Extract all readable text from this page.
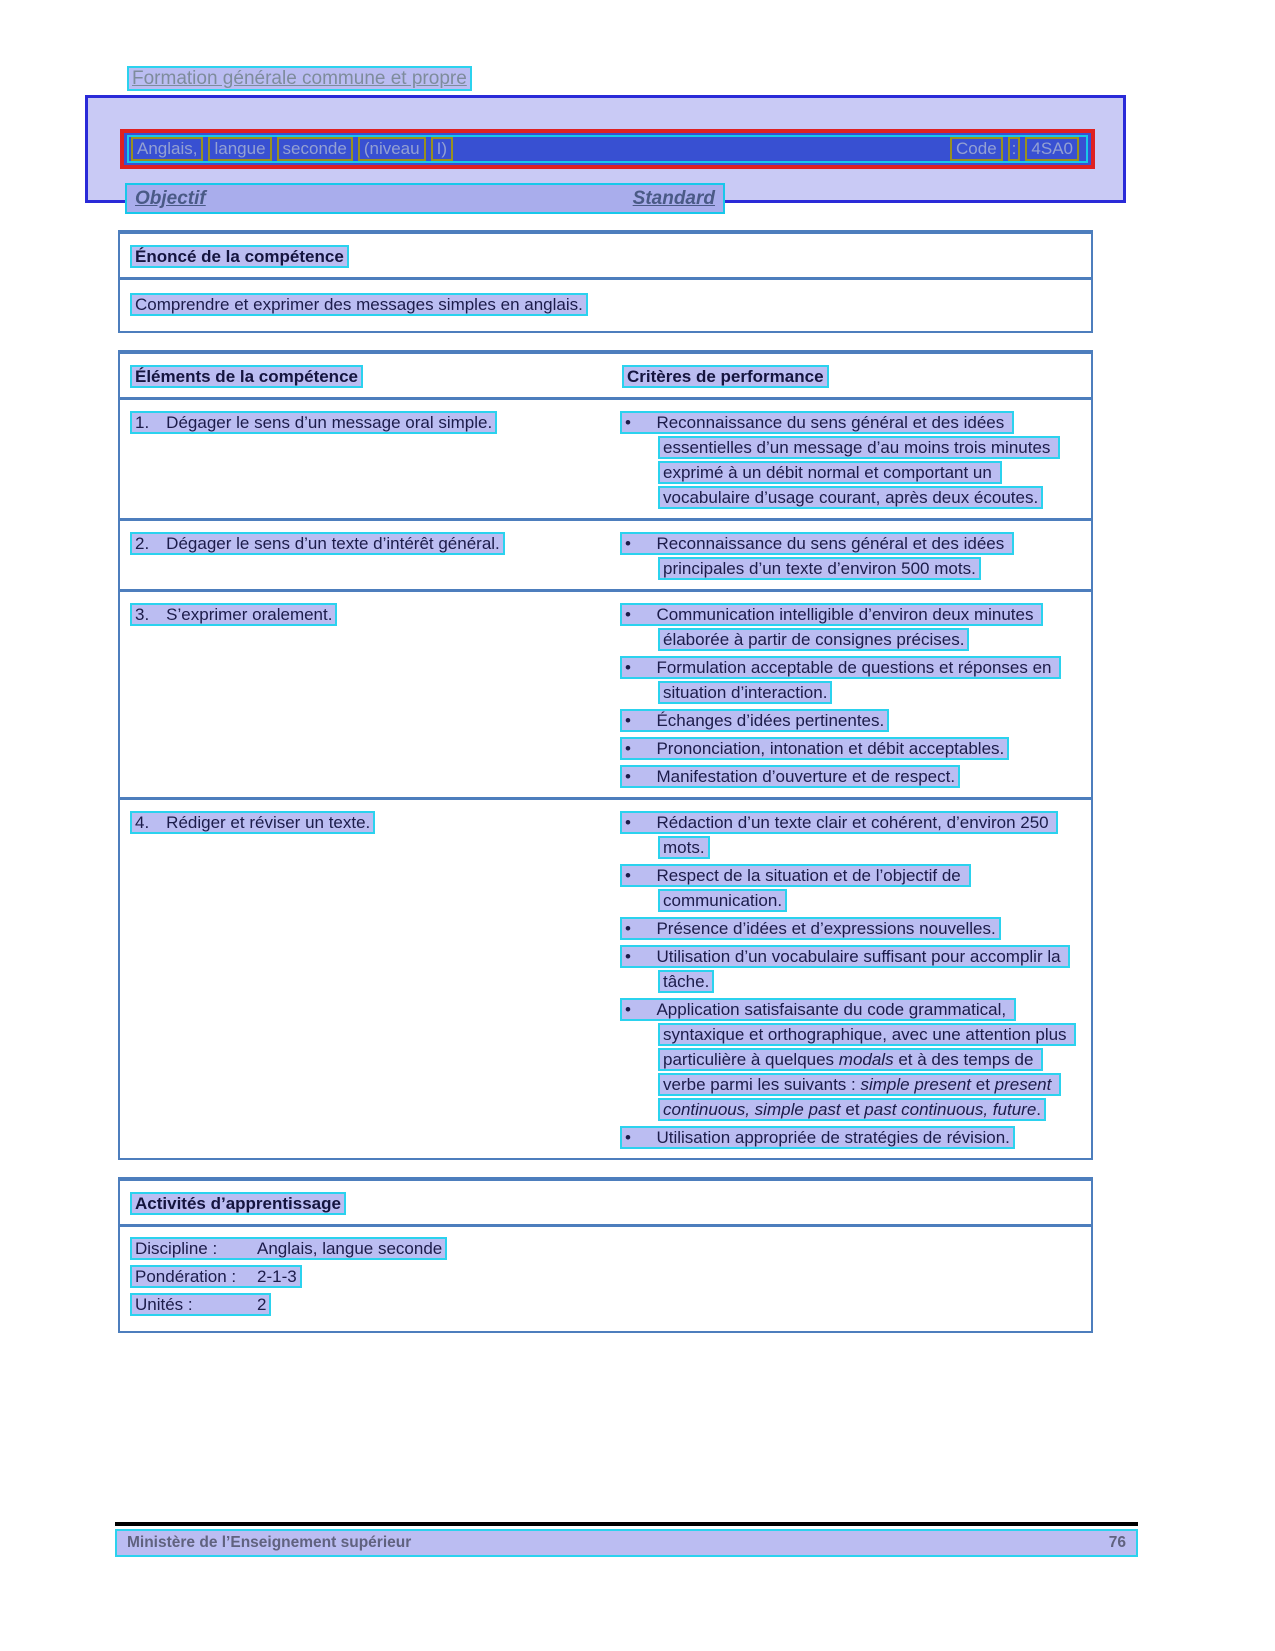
Formation générale commune et propre
Anglais,	langue	seconde	(niveau	I)	Code : 4SA0
Objectif	Standard
Énoncé de la compétence
Comprendre et exprimer des messages simples en anglais.
Éléments de la compétence	Critères de performance
1.  Dégager le sens d’un message oral simple.	•  Reconnaissance du sens général et des idées essentielles d’un message d’au moins trois minutes exprimé à un débit normal et comportant un vocabulaire d’usage courant, après deux écoutes.
2.  Dégager le sens d’un texte d’intérêt général.	•  Reconnaissance du sens général et des idées principales d’un texte d’environ 500 mots.
3.  S’exprimer oralement.	•  Communication intelligible d’environ deux minutes élaborée à partir de consignes précises.
•  Formulation acceptable de questions et réponses en situation d’interaction.
•  Échanges d’idées pertinentes.
•  Prononciation, intonation et débit acceptables.
•  Manifestation d’ouverture et de respect.
4.  Rédiger et réviser un texte.	•  Rédaction d’un texte clair et cohérent, d’environ 250 mots.
•  Respect de la situation et de l’objectif de communication.
•  Présence d’idées et d’expressions nouvelles.
•  Utilisation d’un vocabulaire suffisant pour accomplir la tâche.
•  Application satisfaisante du code grammatical, syntaxique et orthographique, avec une attention plus particulière à quelques modals et à des temps de verbe parmi les suivants : simple present et present continuous, simple past et past continuous, future.
•  Utilisation appropriée de stratégies de révision.
Activités d’apprentissage
Discipline : Anglais, langue seconde
Pondération : 2-1-3
Unités :	2
Ministère de l’Enseignement supérieur	76
